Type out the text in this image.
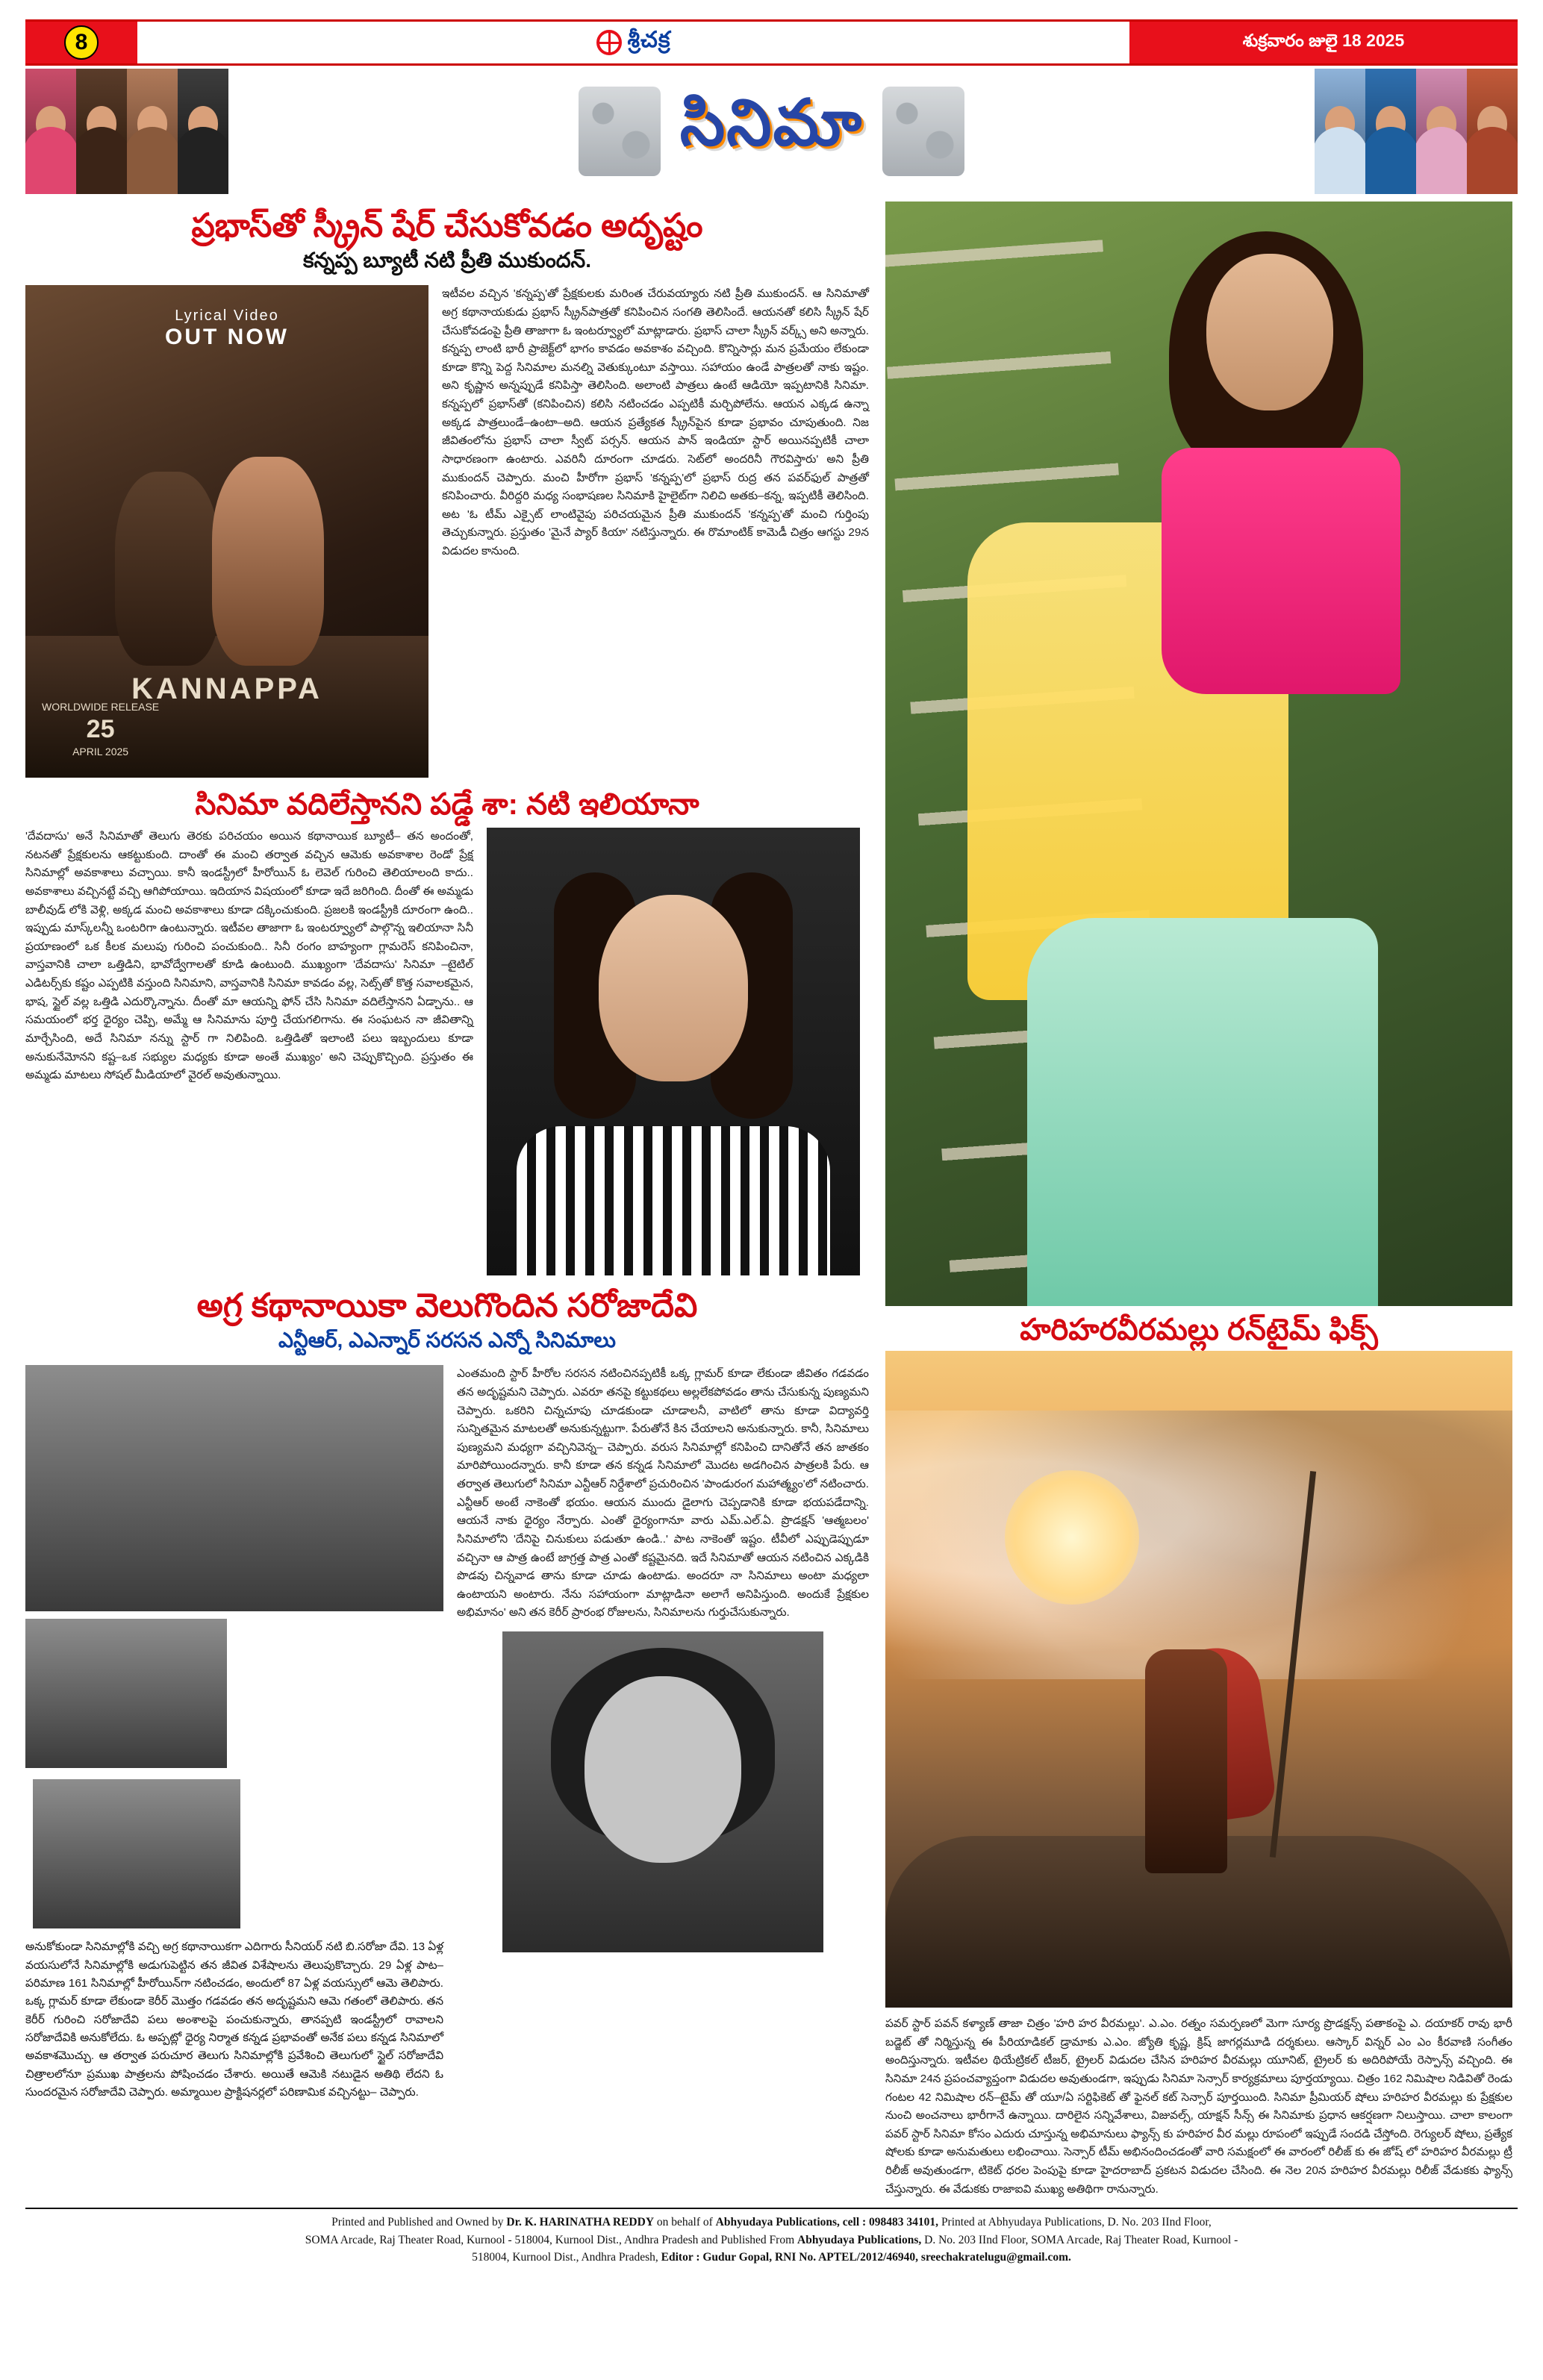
8	శ్రీచక్ర	శుక్రవారం జులై 18 2025
సినిమా
ప్రభాస్‌తో స్క్రీన్ షేర్ చేసుకోవడం అదృష్టం
కన్నప్ప బ్యూటీ నటి ప్రీతి ముకుందన్.
Lyrical Video
OUT NOW
KANNAPPA
WORLDWIDE RELEASE
25
APRIL 2025
ఇటీవల వచ్చిన 'కన్నప్ప'తో ప్రేక్షకులకు మరింత చేరువయ్యారు నటి ప్రీతి ముకుందన్. ఆ సినిమాతో అగ్ర కథానాయకుడు ప్రభాస్ స్క్రీన్‌పాత్రతో కనిపించిన సంగతి తెలిసిందే. ఆయనతో కలిసి స్క్రీన్ షేర్ చేసుకోవడంపై ప్రీతి తాజాగా ఓ ఇంటర్వ్యూలో మాట్లాడారు. ప్రభాస్ చాలా స్క్రీన్ వర్క్స్ అని అన్నారు. కన్నప్ప లాంటి భారీ ప్రాజెక్ట్‌లో భాగం కావడం అవకాశం వచ్చింది. కొన్నిసార్లు మన ప్రమేయం లేకుండా కూడా కొన్ని పెద్ద సినిమాల మనల్ని వెతుక్కుంటూ వస్తాయి. సహాయం ఉండే పాత్రలతో నాకు ఇష్టం. అని కృష్ణాన అన్నప్పుడే కనిపిస్తా తెలిసింది. అలాంటి పాత్రలు ఉంటే ఆడియో ఇప్పటానికి సినిమా. కన్నప్పలో ప్రభాస్‌తో (కనిపించిన) కలిసి నటించడం ఎప్పటికీ మర్చిపోలేను. ఆయన ఎక్కడ ఉన్నా అక్కడ పాత్రలుండే–ఉంటా–అది. ఆయన ప్రత్యేకత స్క్రీన్‌పైన కూడా ప్రభావం చూపుతుంది. నిజ జీవితంలోను ప్రభాస్ చాలా స్వీట్ పర్సన్. ఆయన పాన్ ఇండియా స్టార్ అయినప్పటికీ చాలా సాధారణంగా ఉంటారు. ఎవరినీ దూరంగా చూడరు. సెట్‌లో అందరినీ గౌరవిస్తారు' అని ప్రీతి ముకుందన్ చెప్పారు. మంచి హీరోగా ప్రభాస్ 'కన్నప్ప'లో ప్రభాస్ రుద్ర తన పవర్‌ఫుల్ పాత్రతో కనిపించారు. వీరిద్దరి మధ్య సంభాషణల సినిమాకి హైలైట్‌గా నిలిచి అతకు–కన్న, ఇప్పటికీ తెలిసింది. అట 'ఓ టీమ్ ఎక్సైట్ లాంటివైపు పరిచయమైన ప్రీతి ముకుందన్ 'కన్నప్ప'తో మంచి గుర్తింపు తెచ్చుకున్నారు. ప్రస్తుతం 'మైనే ప్యార్ కియా' నటిస్తున్నారు. ఈ రొమాంటిక్ కామెడీ చిత్రం ఆగస్టు 29న విడుదల కానుంది.
సినిమా వదిలేస్తానని పడ్డే శా: నటి ఇలియానా
'దేవదాసు' అనే సినిమాతో తెలుగు తెరకు పరిచయం అయిన కథానాయిక బ్యూటీ– తన అందంతో, నటనతో ప్రేక్షకులను ఆకట్టుకుంది. దాంతో ఈ మంచి తర్వాత వచ్చిన ఆమెకు అవకాశాల రెండో ప్రేక్ష సినిమాల్లో అవకాశాలు వచ్చాయి. కానీ ఇండస్ట్రీలో హీరోయిన్ ఓ లెవెల్ గురించి తెలియాలంది కాదు.. అవకాశాలు వచ్చినట్టే వచ్చి ఆగిపోయాయి. ఇదియాన విషయంలో కూడా ఇదే జరిగింది. దీంతో ఈ అమ్మడు బాలీవుడ్ లోకి వెళ్లి, అక్కడ మంచి అవకాశాలు కూడా దక్కించుకుంది. ప్రజలకి ఇండస్ట్రీకి దూరంగా ఉంది.. ఇప్పుడు మాస్క్‌లన్నీ ఒంటరిగా ఉంటున్నారు. ఇటీవల తాజాగా ఓ ఇంటర్వ్యూలో పాల్గొన్న ఇలియానా సినీ ప్రయాణంలో ఒక కీలక మలుపు గురించి పంచుకుంది.. సినీ రంగం బాహ్యంగా గ్లామరెస్ కనిపించినా, వాస్తవానికి చాలా ఒత్తిడిని, భావోద్వేగాలతో కూడి ఉంటుంది. ముఖ్యంగా 'దేవదాసు' సినిమా –టైటిల్ ఎడిటర్స్‌కు కష్టం ఎప్పటికి వస్తుంది సినిమాని, వాస్తవానికి సినిమా కావడం వల్ల, సెట్స్‌తో కొత్త సవాలకమైన, భాష, స్టైల్ వల్ల ఒత్తిడి ఎదుర్కొన్నాను. దీంతో మా ఆయన్ని ఫోన్ చేసి సినిమా వదిలేస్తానని ఏడ్చాను.. ఆ సమయంలో భర్త ధైర్యం చెప్పి, అమ్మే ఆ సినిమాను పూర్తి చేయగలిగాను. ఈ సంఘటన నా జీవితాన్ని మార్చేసింది, అదే సినిమా నన్ను స్టార్ గా నిలిపింది. ఒత్తిడితో ఇలాంటి పలు ఇబ్బందులు కూడా అనుకునేమోనని కష్ట–ఒక సభ్యుల మధ్యకు కూడా అంతే ముఖ్యం' అని చెప్పుకొచ్చింది. ప్రస్తుతం ఈ అమ్మడు మాటలు సోషల్ మీడియాలో వైరల్ అవుతున్నాయి.
అగ్ర కథానాయికా వెలుగొందిన సరోజాదేవి
ఎన్టీఆర్, ఎఎన్నార్ సరసన ఎన్నో సినిమాలు

అనుకోకుండా సినిమాల్లోకి వచ్చి అగ్ర కథానాయికగా ఎదిగారు సీనియర్ నటి బి.సరోజా దేవి. 13 ఏళ్ల వయసులోనే సినిమాల్లోకి అడుగుపెట్టిన తన జీవిత విశేషాలను తెలుపుకొచ్చారు. 29 ఏళ్ల పాట–పరిమాణ 161 సినిమాల్లో హీరోయిన్‌గా నటించడం, అందులో 87 ఏళ్ల వయస్సులో ఆమె తెలిపారు. ఒక్క గ్లామర్ కూడా లేకుండా కెరీర్ మొత్తం గడవడం తన అదృష్టమని ఆమె గతంలో తెలిపారు. తన కెరీర్ గురించి సరోజాదేవి పలు అంశాలపై పంచుకున్నారు, తానప్పటి ఇండస్ట్రీలో రావాలని సరోజాదేవికి అనుకోలేదు. ఓ అప్పట్లో ధైర్య నిర్మాత కన్నడ ప్రభావంతో అనేక పలు కన్నడ సినిమాలో అవకాశమొచ్చు. ఆ తర్వాత పరుచూర తెలుగు సినిమాల్లోకి ప్రవేశించి తెలుగులో స్టైల్ సరోజాదేవి చిత్రాలలోనూ ప్రముఖ పాత్రలను పోషించడం చేశారు. అయితే ఆమెకి నటుడైన అతిథి లేదని ఓ సుందరమైన సరోజాదేవి చెప్పారు. అమ్మాయిల ప్రాక్టిషనర్లలో పరిణామిక వచ్చినట్టు– చెప్పారు.
ఎంతమంది స్టార్ హీరోల సరసన నటించినప్పటికీ ఒక్క గ్లామర్ కూడా లేకుండా జీవితం గడవడం తన అదృష్టమని చెప్పారు. ఎవరూ తనపై కట్టుకథలు అల్లలేకపోవడం తాను చేసుకున్న పుణ్యమని చెప్పారు. ఒకరిని చిన్నచూపు చూడకుండా చూడాలనీ, వాటిలో తాను కూడా విద్యావర్తి సున్నితమైన మాటలతో అనుకున్నట్టుగా. పేరుతోనే కిన చేయాలని అనుకున్నారు. కానీ, సినిమాలు పుణ్యమని మధ్యగా వచ్చినివెన్న– చెప్పారు. వరుస సినిమాల్లో కనిపించి దానితోనే తన జాతకం మారిపోయిందన్నారు. కానీ కూడా తన కన్నడ సినిమాలో మొదట అడగించిన పాత్రలకి పేరు. ఆ తర్వాత తెలుగులో సినిమా ఎన్టీఆర్ నిర్దేశాలో ప్రచురించిన 'పాండురంగ మహాత్మ్యం'లో నటించారు. ఎన్టీఆర్ అంటే నాకెంతో భయం. ఆయన ముందు డైలాగు చెప్పడానికి కూడా భయపడేదాన్ని. ఆయనే నాకు ధైర్యం నేర్పారు. ఎంతో ధైర్యంగానూ వారు ఎమ్.ఎల్.ఏ. ప్రొడక్షన్ 'ఆత్మబలం' సినిమాలోని 'దేనిపై చినుకులు పడుతూ ఉండి..' పాట నాకెంతో ఇష్టం. టీవీలో ఎప్పుడెప్పుడూ వచ్చినా ఆ పాత్ర ఉంటే జాగ్రత్త పాత్ర ఎంతో కష్టమైనది. ఇదే సినిమాతో ఆయన నటించిన ఎక్కడికి పొడవు చిన్నవాడ తాను కూడా చూడు ఉంటాడు. అందరూ నా సినిమాలు అంటా మధ్యలా ఉంటాయని అంటారు. నేను సహాయంగా మాట్లాడినా అలాగే అనిపిస్తుంది. అందుకే ప్రేక్షకుల అభిమానం' అని తన కెరీర్ ప్రారంభ రోజులను, సినిమాలను గుర్తుచేసుకున్నారు.
హరిహరవీరమల్లు రన్‌టైమ్ ఫిక్స్
పవర్ స్టార్ పవన్ కళ్యాణ్ తాజా చిత్రం 'హరి హర వీరమల్లు'. ఎ.ఎం. రత్నం సమర్పణలో మెగా సూర్య ప్రొడక్షన్స్ పతాకంపై ఎ. దయాకర్ రావు భారీ బడ్జెట్ తో నిర్మిస్తున్న ఈ పీరియాడికల్ డ్రామాకు ఎ.ఎం. జ్యోతి కృష్ణ, క్రిష్ జాగర్లమూడి దర్శకులు. ఆస్కార్ విన్నర్ ఎం ఎం కీరవాణి సంగీతం అందిస్తున్నారు. ఇటీవల థియేట్రికల్ టీజర్, ట్రైలర్ విడుదల చేసిన హరిహర వీరమల్లు యూనిట్, ట్రైలర్ కు అదిరిపోయే రెస్పాన్స్ వచ్చింది. ఈ సినిమా 24న ప్రపంచవ్యాప్తంగా విడుదల అవుతుండగా, ఇప్పుడు సినిమా సెన్సార్ కార్యక్రమాలు పూర్తయ్యాయి. చిత్రం 162 నిమిషాల నిడివితో రెండు గంటల 42 నిమిషాల రన్–టైమ్ తో యూ/ఏ సర్టిఫికెట్ తో ఫైనల్ కట్ సెన్సార్ పూర్తయింది. సినిమా ప్రీమియర్ షోలు హరిహర వీరమల్లు కు ప్రేక్షకుల నుంచి అంచనాలు భారీగానే ఉన్నాయి. దారిలైన సన్నివేశాలు, విజువల్స్, యాక్షన్ సీన్స్ ఈ సినిమాకు ప్రధాన ఆకర్షణగా నిలుస్తాయి. చాలా కాలంగా పవర్ స్టార్ సినిమా కోసం ఎదురు చూస్తున్న అభిమానులు ఫ్యాన్స్ కు హరిహర వీర మల్లు రూపంలో ఇప్పుడే సందడి చేస్తోంది. రెగ్యులర్ షోలు, ప్రత్యేక షోలకు కూడా అనుమతులు లభించాయి. సెన్సార్ టీమ్ అభినందించడంతో వారి సమక్షంలో ఈ వారంలో రిలీజ్ కు ఈ జోష్ లో హరిహర వీరమల్లు ట్రీ రిలీజ్ అవుతుండగా, టికెట్ ధరల పెంపుపై కూడా హైదరాబాద్ ప్రకటన విడుదల చేసింది. ఈ నెల 20న హరిహర వీరమల్లు రిలీజ్ వేడుకకు ఫ్యాన్స్ చేస్తున్నారు. ఈ వేడుకకు రాజాఐవి ముఖ్య అతిథిగా రానున్నారు.
Printed and Published and Owned by Dr. K. HARINATHA REDDY on behalf of Abhyudaya Publications, cell : 098483 34101, Printed at Abhyudaya Publications, D. No. 203 IInd Floor,
SOMA Arcade, Raj Theater Road, Kurnool - 518004, Kurnool Dist., Andhra Pradesh and Published From Abhyudaya Publications, D. No. 203 IInd Floor, SOMA Arcade, Raj Theater Road, Kurnool -
518004, Kurnool Dist., Andhra Pradesh, Editor : Gudur Gopal, RNI No. APTEL/2012/46940, sreechakratelugu@gmail.com.
